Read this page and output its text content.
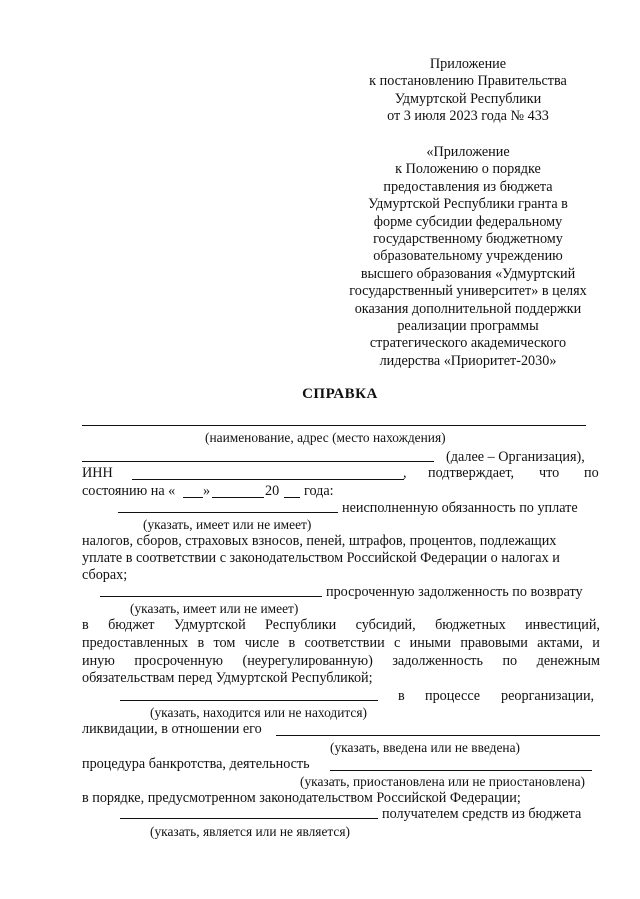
Приложение
к постановлению Правительства
Удмуртской Республики
от 3 июля 2023 года № 433
«Приложение
к Положению о порядке
предоставления из бюджета
Удмуртской Республики гранта в
форме субсидии федеральному
государственному бюджетному
образовательному учреждению
высшего образования «Удмуртский
государственный университет» в целях
оказания дополнительной поддержки
реализации программы
стратегического академического
лидерства «Приоритет-2030»
СПРАВКА
(наименование, адрес (место нахождения)
(далее – Организация),
ИНН	, подтверждает, что по
состоянию на « »	20 года:
неисполненную обязанность по уплате
(указать, имеет или не имеет)
налогов, сборов, страховых взносов, пеней, штрафов, процентов, подлежащих
уплате в соответствии с законодательством Российской Федерации о налогах и
сборах;
просроченную задолженность по возврату
(указать, имеет или не имеет)
в бюджет Удмуртской Республики субсидий, бюджетных инвестиций,
предоставленных в том числе в соответствии с иными правовыми актами, и
иную просроченную (неурегулированную) задолженность по денежным
обязательствам перед Удмуртской Республикой;
в процессе реорганизации,
(указать, находится или не находится)
ликвидации, в отношении его
(указать, введена или не введена)
процедура банкротства, деятельность
(указать, приостановлена или не приостановлена)
в порядке, предусмотренном законодательством Российской Федерации;
получателем средств из бюджета
(указать, является или не является)
